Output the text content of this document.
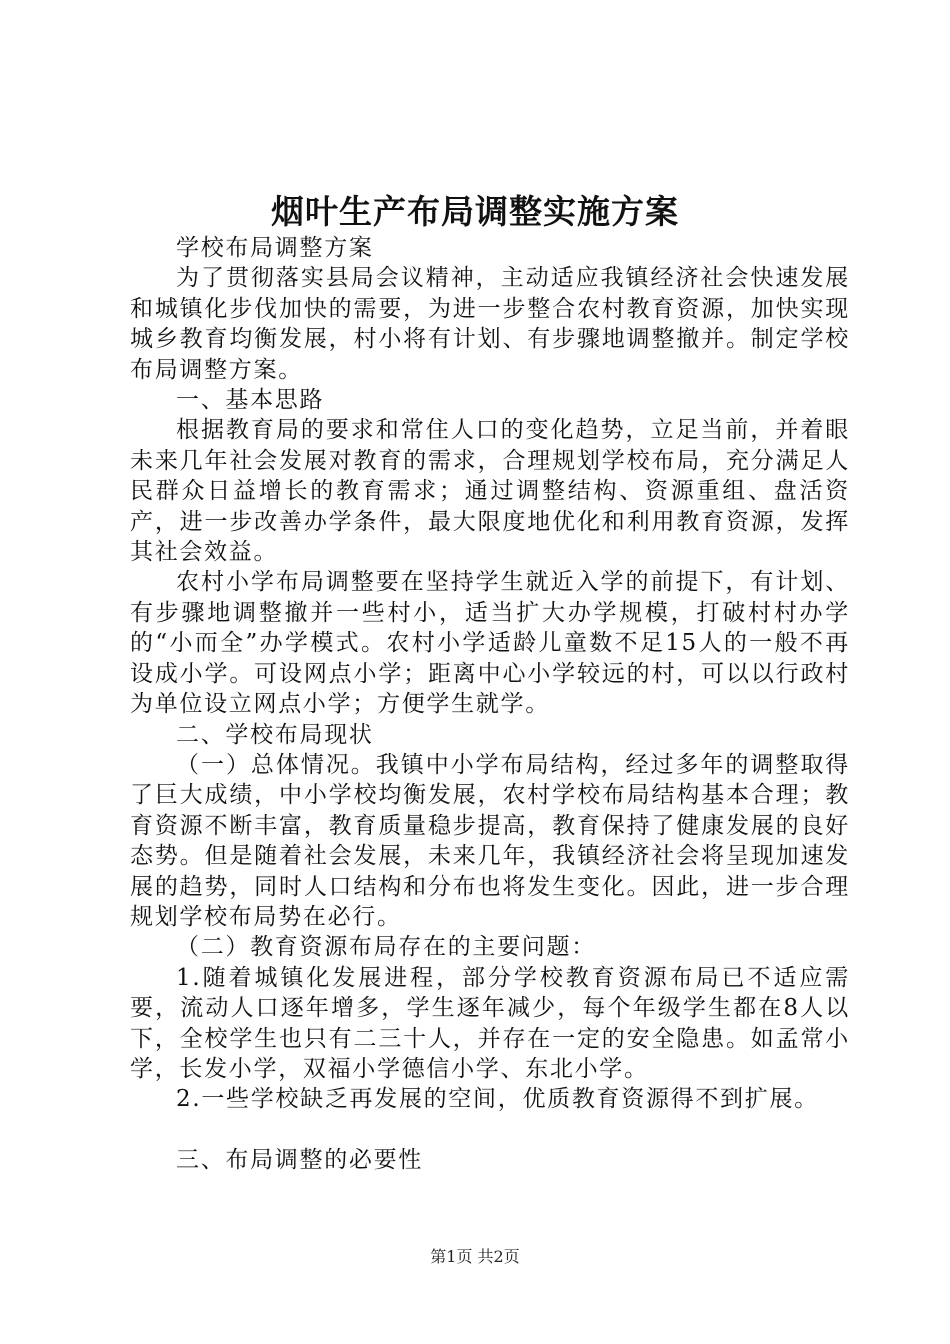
烟叶生产布局调整实施方案

学校布局调整方案

为了贯彻落实县局会议精神，主动适应我镇经济社会快速发展和城镇化步伐加快的需要，为进一步整合农村教育资源，加快实现城乡教育均衡发展，村小将有计划、有步骤地调整撤并。制定学校布局调整方案。

一、基本思路

根据教育局的要求和常住人口的变化趋势，立足当前，并着眼未来几年社会发展对教育的需求，合理规划学校布局，充分满足人民群众日益增长的教育需求；通过调整结构、资源重组、盘活资产，进一步改善办学条件，最大限度地优化和利用教育资源，发挥其社会效益。

农村小学布局调整要在坚持学生就近入学的前提下，有计划、有步骤地调整撤并一些村小，适当扩大办学规模，打破村村办学的“小而全”办学模式。农村小学适龄儿童数不足15人的一般不再设成小学。可设网点小学；距离中心小学较远的村，可以以行政村为单位设立网点小学；方便学生就学。

二、学校布局现状

（一）总体情况。我镇中小学布局结构，经过多年的调整取得了巨大成绩，中小学校均衡发展，农村学校布局结构基本合理；教育资源不断丰富，教育质量稳步提高，教育保持了健康发展的良好态势。但是随着社会发展，未来几年，我镇经济社会将呈现加速发展的趋势，同时人口结构和分布也将发生变化。因此，进一步合理规划学校布局势在必行。

（二）教育资源布局存在的主要问题：

1.随着城镇化发展进程，部分学校教育资源布局已不适应需要，流动人口逐年增多，学生逐年减少，每个年级学生都在8人以下，全校学生也只有二三十人，并存在一定的安全隐患。如孟常小学，长发小学，双福小学德信小学、东北小学。

2.一些学校缺乏再发展的空间，优质教育资源得不到扩展。

三、布局调整的必要性

第1页 共2页
